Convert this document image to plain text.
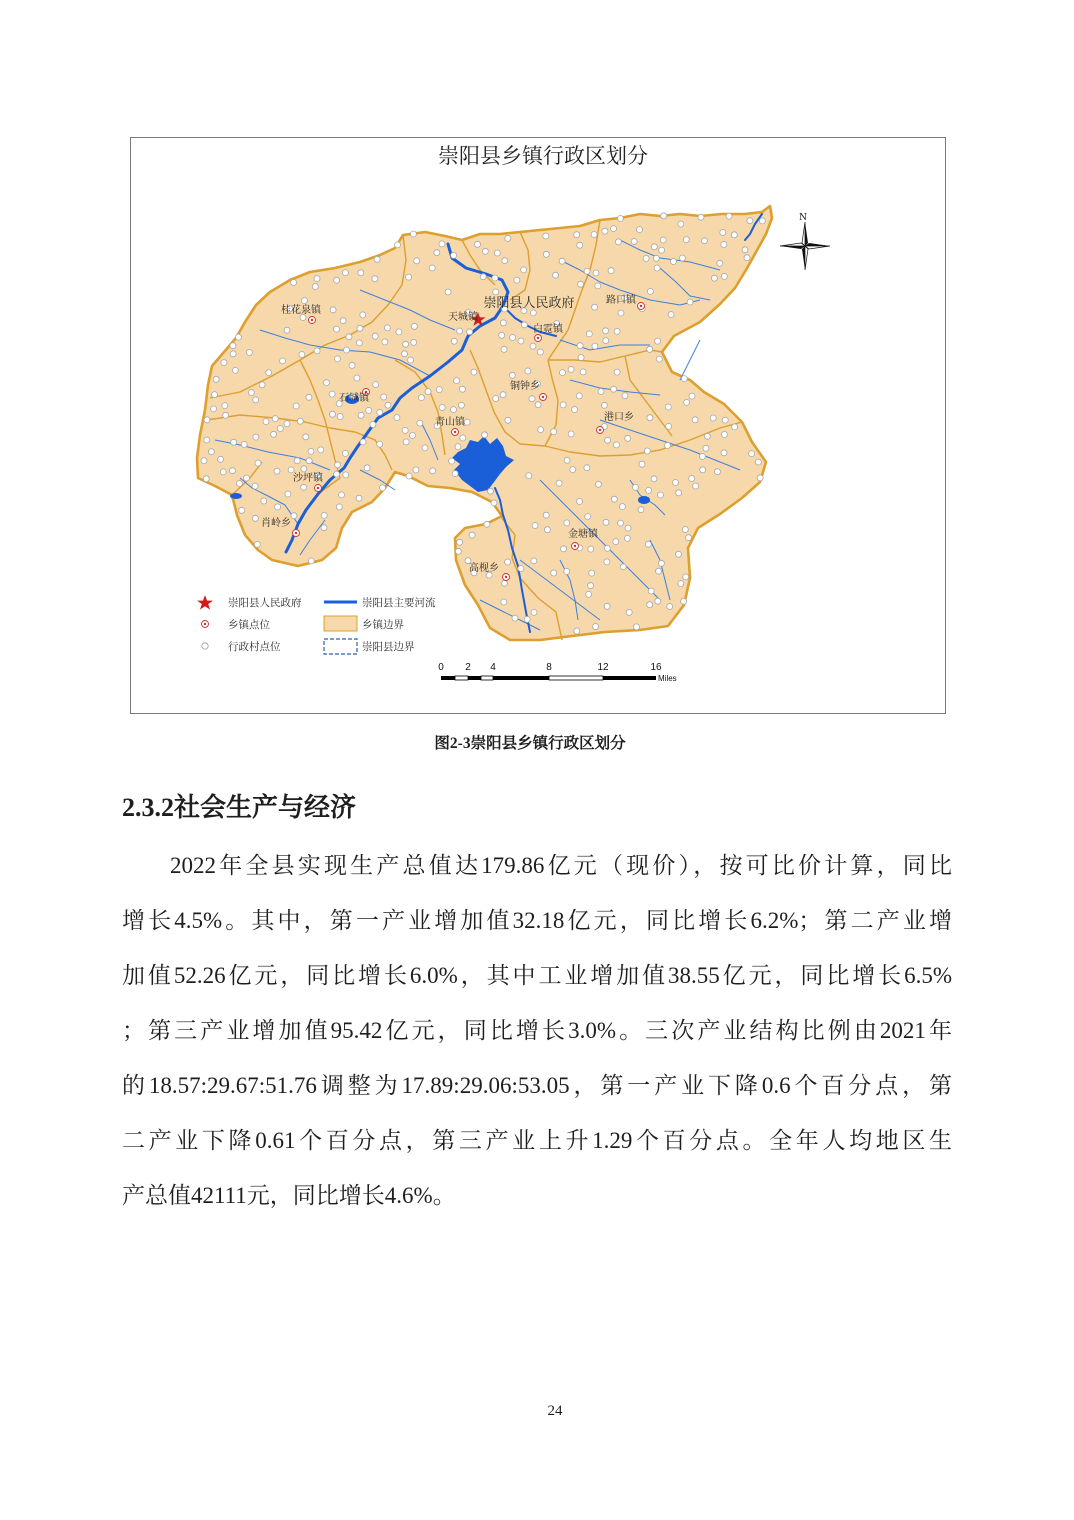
崇阳县乡镇行政区划分
桂花泉镇
天城镇
路口镇
白霓镇
铜钟乡
港口乡
石城镇
青山镇
沙坪镇
肖岭乡
金塘镇
高枧乡
崇阳县人民政府
N
崇阳县人民政府
乡镇点位
行政村点位
崇阳县主要河流
乡镇边界
崇阳县边界
0 2 4	8	12	16
Miles
图2-3崇阳县乡镇行政区划分
2.3.2社会生产与经济
2022年全县实现生产总值达179.86亿元（现价），按可比价计算，同比
增长4.5%。其中，第一产业增加值32.18亿元，同比增长6.2%；第二产业增
加值52.26亿元，同比增长6.0%，其中工业增加值38.55亿元，同比增长6.5%
；第三产业增加值95.42亿元，同比增长3.0%。三次产业结构比例由2021年
的18.57:29.67:51.76调整为17.89:29.06:53.05，第一产业下降0.6个百分点，第
二产业下降0.61个百分点，第三产业上升1.29个百分点。全年人均地区生
产总值42111元，同比增长4.6%。
24
